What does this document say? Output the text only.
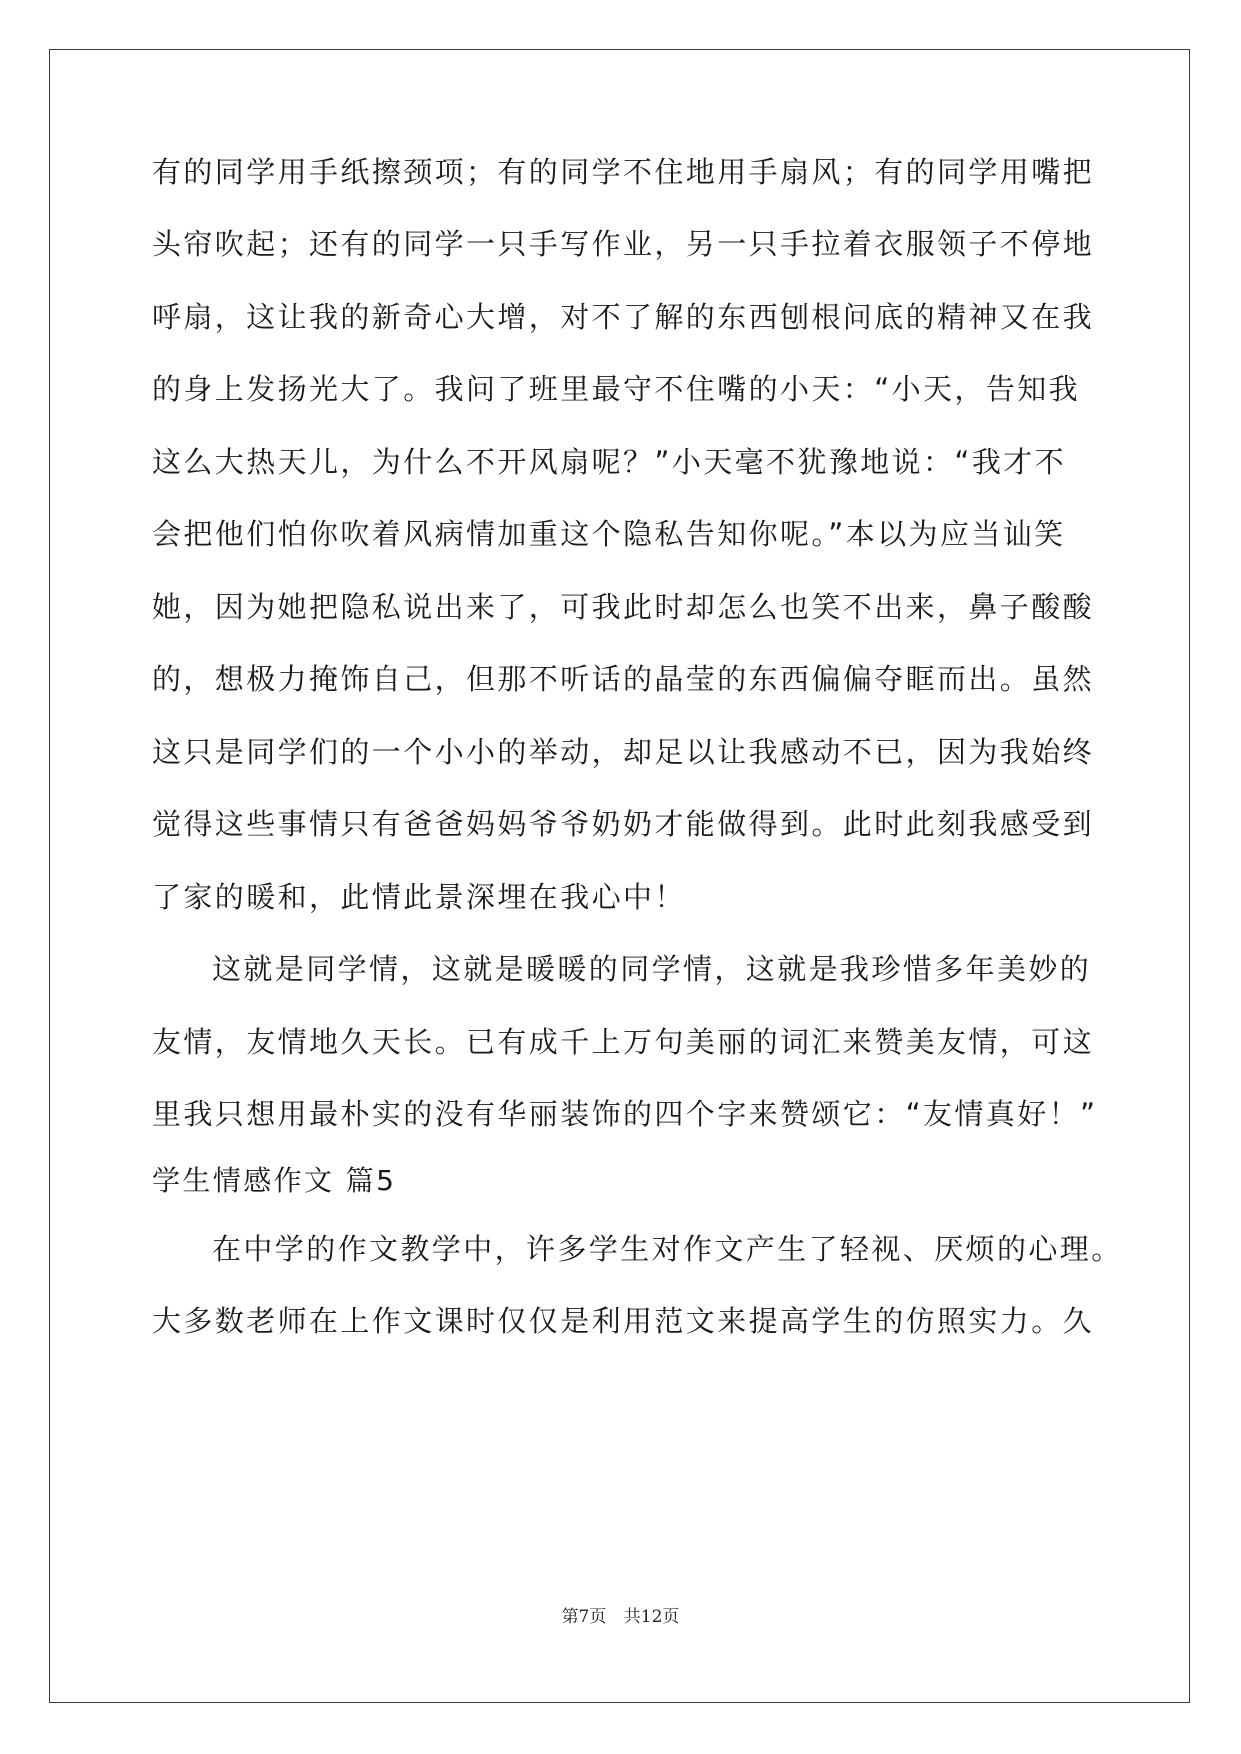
有的同学用手纸擦颈项；有的同学不住地用手扇风；有的同学用嘴把
头帘吹起；还有的同学一只手写作业，另一只手拉着衣服领子不停地
呼扇，这让我的新奇心大增，对不了解的东西刨根问底的精神又在我
的身上发扬光大了。我问了班里最守不住嘴的小天：“小天，告知我
这么大热天儿，为什么不开风扇呢？”小天毫不犹豫地说：“我才不
会把他们怕你吹着风病情加重这个隐私告知你呢。”本以为应当讪笑
她，因为她把隐私说出来了，可我此时却怎么也笑不出来，鼻子酸酸
的，想极力掩饰自己，但那不听话的晶莹的东西偏偏夺眶而出。虽然
这只是同学们的一个小小的举动，却足以让我感动不已，因为我始终
觉得这些事情只有爸爸妈妈爷爷奶奶才能做得到。此时此刻我感受到
了家的暖和，此情此景深埋在我心中！
这就是同学情，这就是暖暖的同学情，这就是我珍惜多年美妙的
友情，友情地久天长。已有成千上万句美丽的词汇来赞美友情，可这
里我只想用最朴实的没有华丽装饰的四个字来赞颂它：“友情真好！”
学生情感作文 篇5
在中学的作文教学中，许多学生对作文产生了轻视、厌烦的心理。
大多数老师在上作文课时仅仅是利用范文来提高学生的仿照实力。久
第7页 共12页
